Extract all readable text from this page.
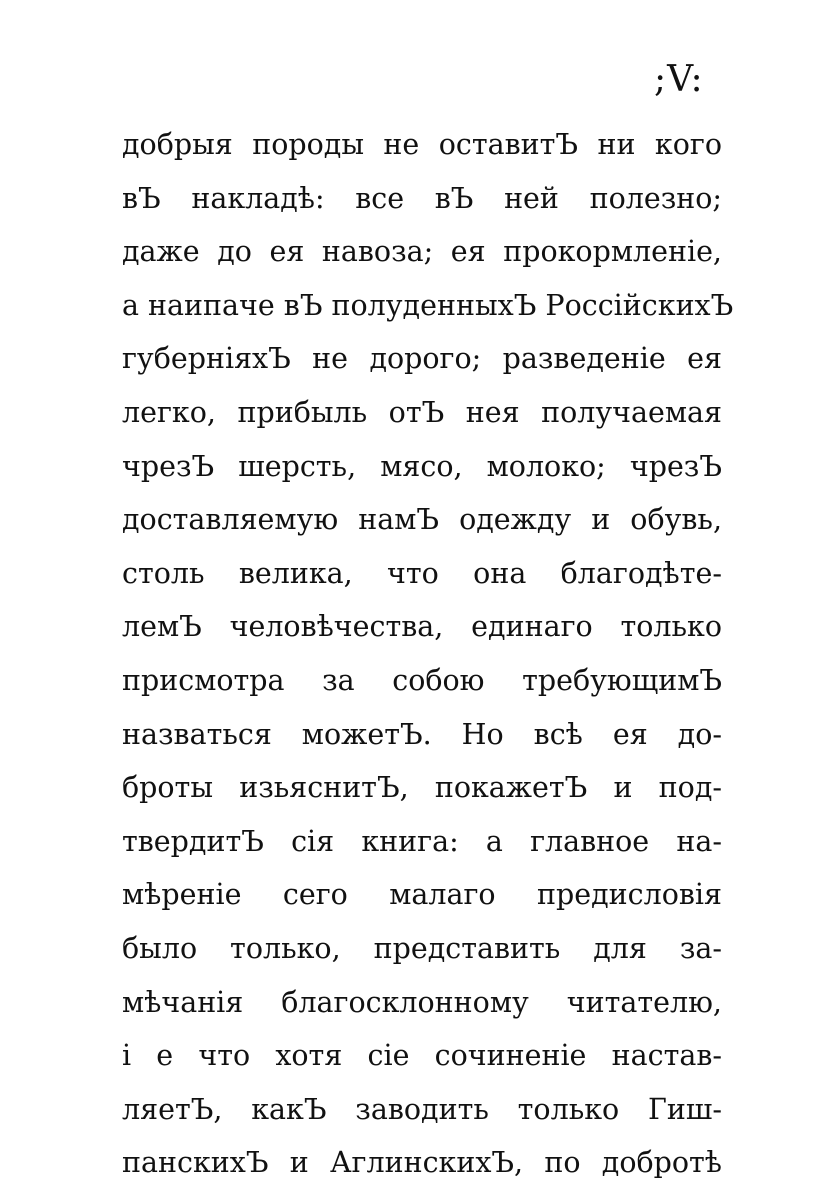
;V:
добрыя породы не оставитЪ ни кого
вЪ накладѣ: все вЪ ней полезно;
даже до ея навоза; ея прокормленіе,
а наипаче вЪ полуденныхЪ РоссійскихЪ
губерніяхЪ не дорого; разведеніе ея
легко, прибыль отЪ нея получаемая
чрезЪ шерсть, мясо, молоко; чрезЪ
доставляемую намЪ одежду и обувь,
столь велика, что она благодѣте-
лемЪ человѣчества, единаго только
присмотра за собою требующимЪ
назваться можетЪ. Но всѣ ея до-
броты изьяснитЪ, покажетЪ и под-
твердитЪ сія книга: а главное на-
мѣреніе сего малаго предисловія
было только, представить для за-
мѣчанія благосклонному читателю,
і е что хотя сіе сочиненіе настав-
ляетЪ, какЪ заводить только Гиш-
панскихЪ и АглинскихЪ, по добротѣ
